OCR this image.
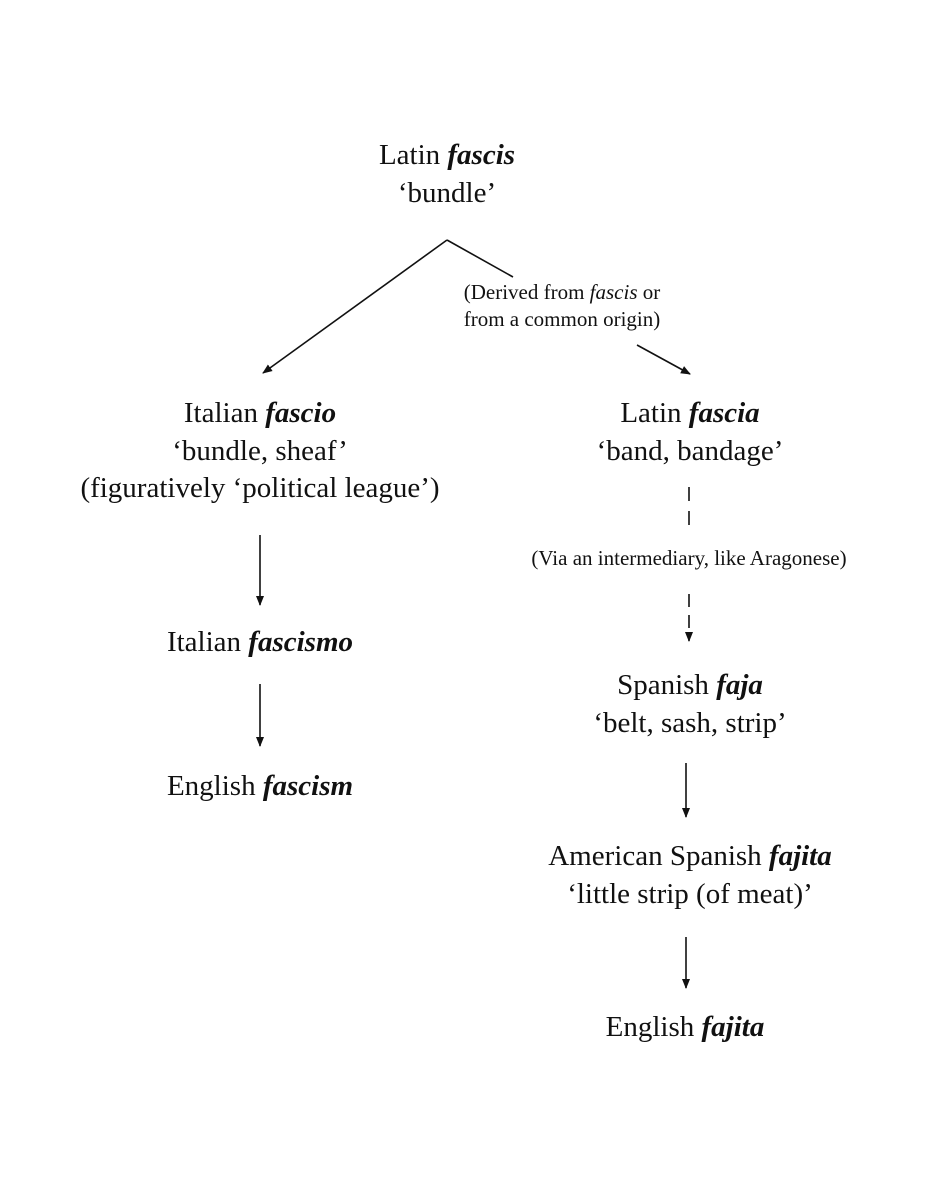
Latin fascis
‘bundle’
(Derived from fascis or
from a common origin)
Italian fascio
‘bundle, sheaf’
(figuratively ‘political league’)
Italian fascismo
English fascism
Latin fascia
‘band, bandage’
(Via an intermediary, like Aragonese)
Spanish faja
‘belt, sash, strip’
American Spanish fajita
‘little strip (of meat)’
English fajita
